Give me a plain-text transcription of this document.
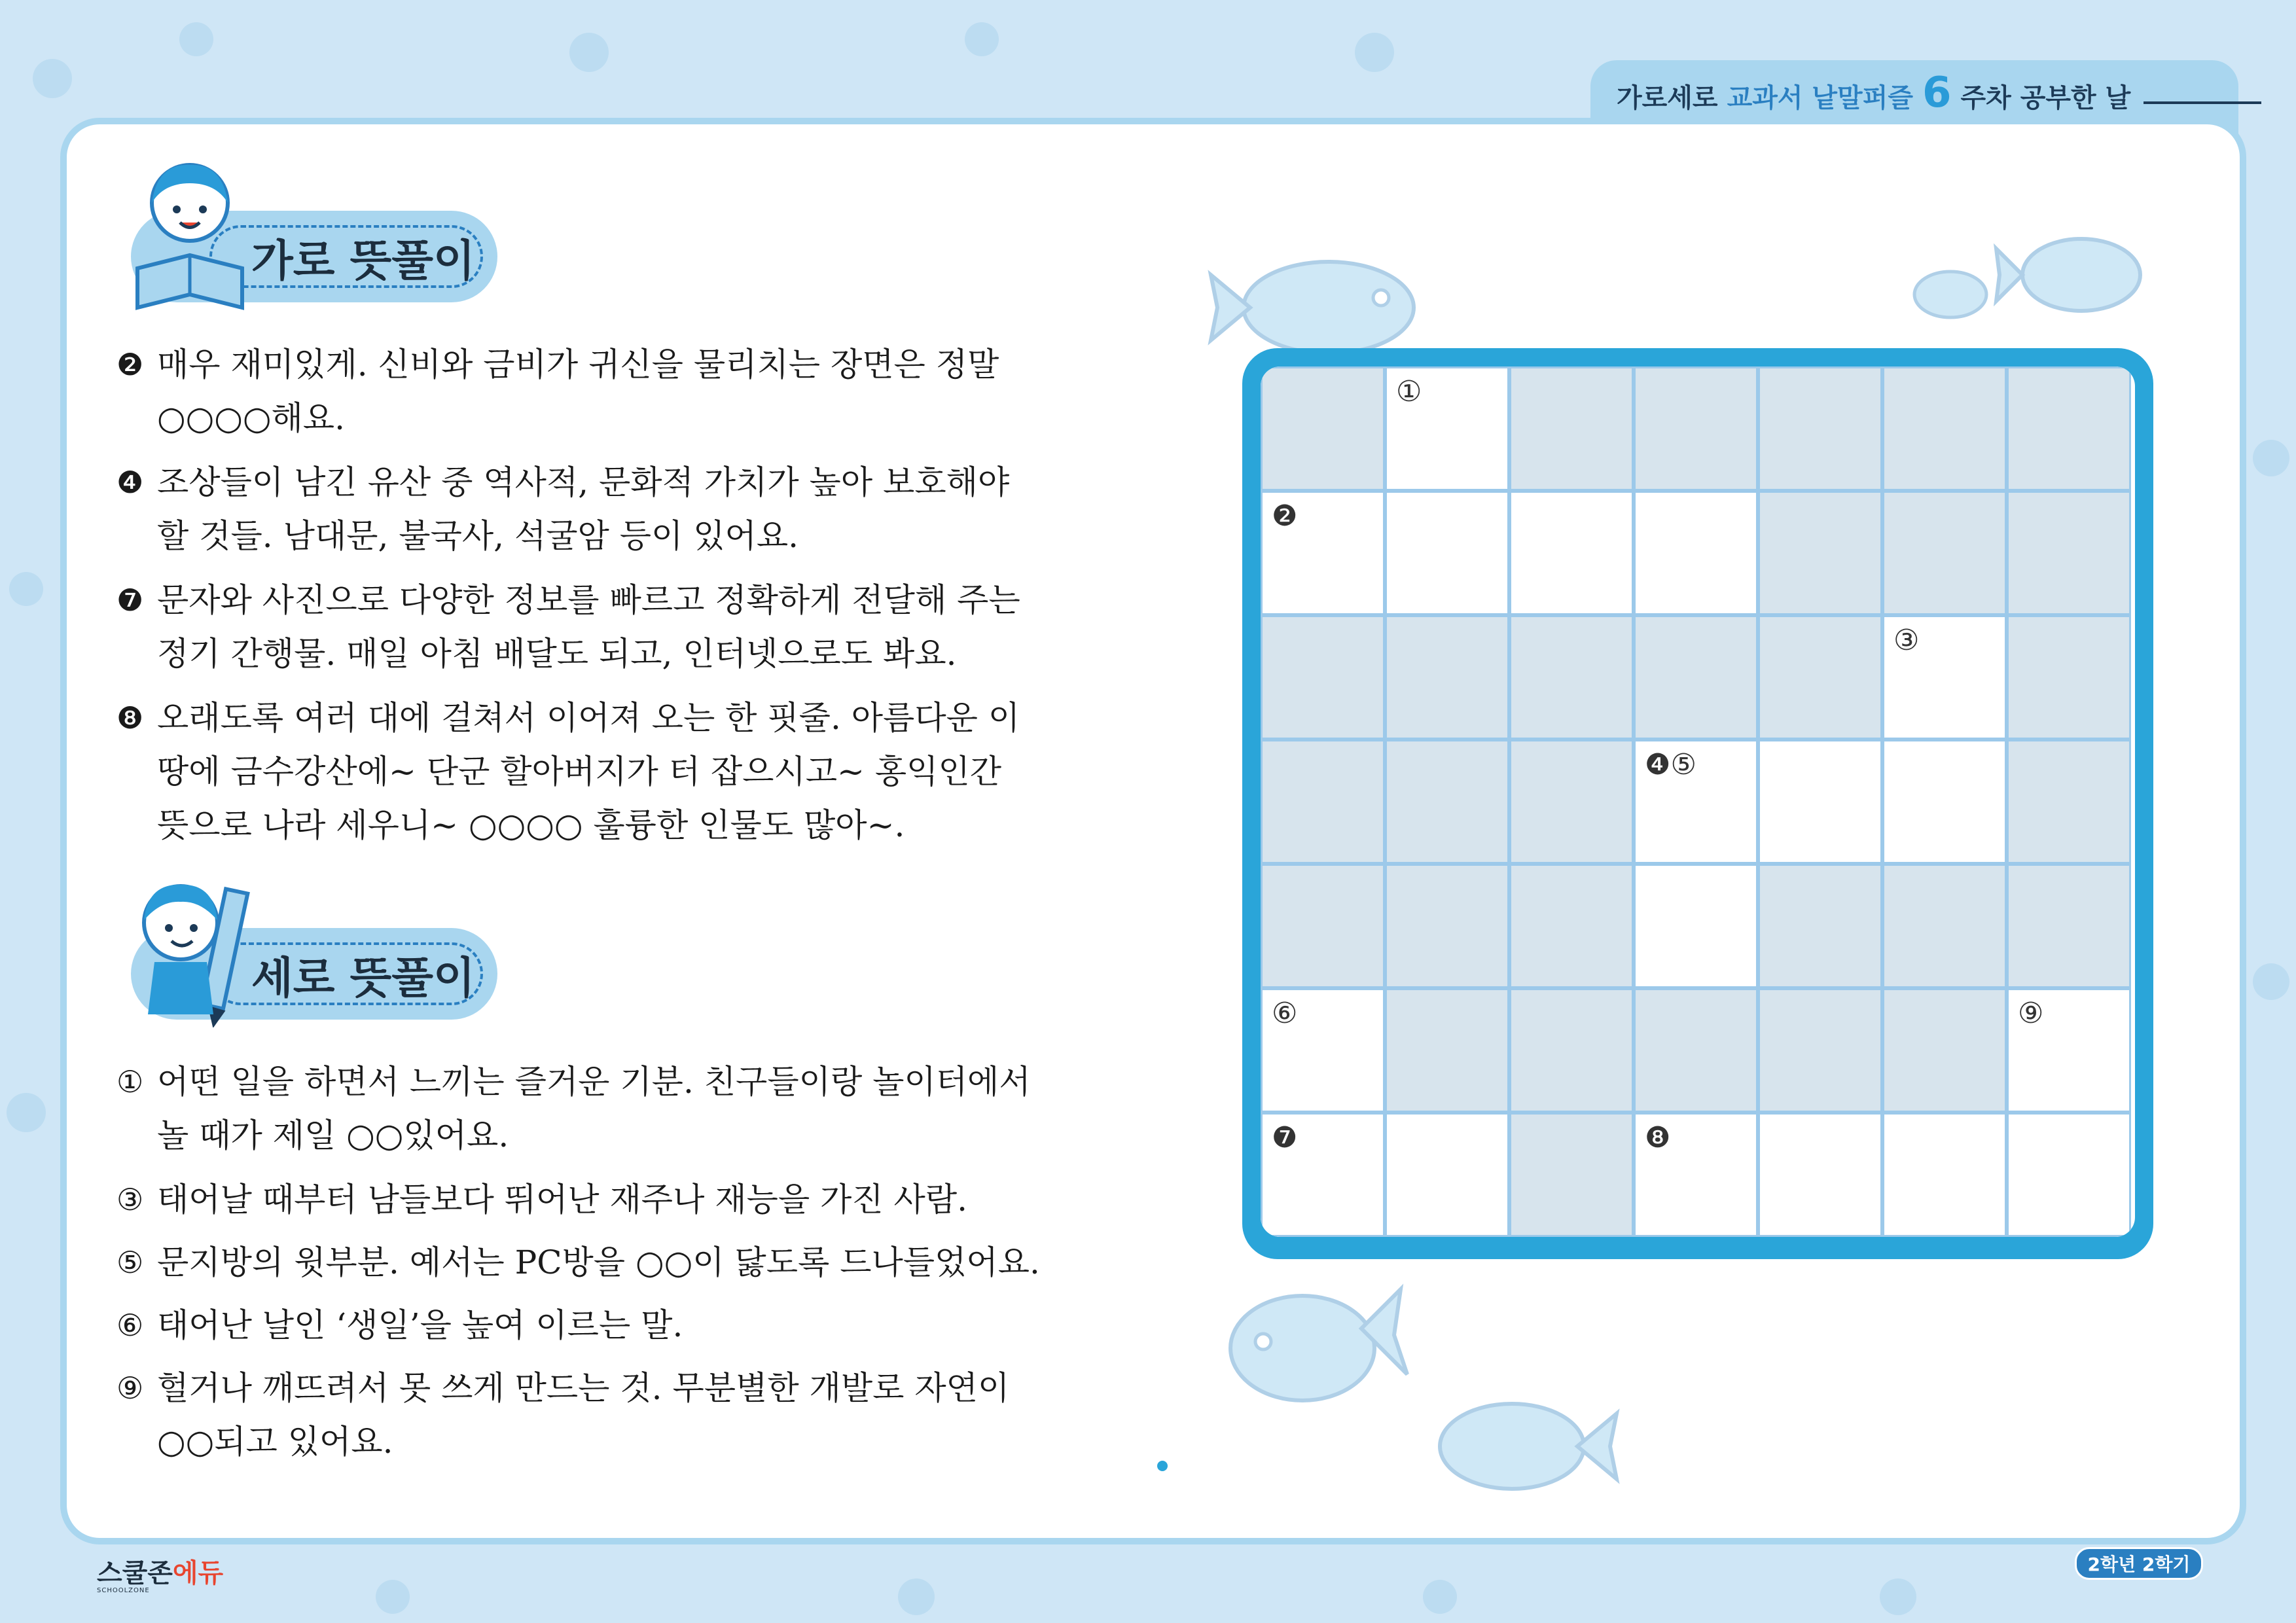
가로세로 교과서 낱말퍼즐 6 주차 공부한 날
가로 뜻풀이
❷ 매우 재미있게. 신비와 금비가 귀신을 물리치는 장면은 정말 ○○○○해요.
❹ 조상들이 남긴 유산 중 역사적, 문화적 가치가 높아 보호해야 할 것들. 남대문, 불국사, 석굴암 등이 있어요.
❼ 문자와 사진으로 다양한 정보를 빠르고 정확하게 전달해 주는 정기 간행물. 매일 아침 배달도 되고, 인터넷으로도 봐요.
❽ 오래도록 여러 대에 걸쳐서 이어져 오는 한 핏줄. 아름다운 이 땅에 금수강산에~ 단군 할아버지가 터 잡으시고~ 홍익인간 뜻으로 나라 세우니~ ○○○○ 훌륭한 인물도 많아~.
세로 뜻풀이
① 어떤 일을 하면서 느끼는 즐거운 기분. 친구들이랑 놀이터에서 놀 때가 제일 ○○있어요.
③ 태어날 때부터 남들보다 뛰어난 재주나 재능을 가진 사람.
⑤ 문지방의 윗부분. 예서는 PC방을 ○○이 닳도록 드나들었어요.
⑥ 태어난 날인 ‘생일’을 높여 이르는 말.
⑨ 헐거나 깨뜨려서 못 쓰게 만드는 것. 무분별한 개발로 자연이 ○○되고 있어요.
①
❷
③
❹⑤
⑥	⑨
❼	❽
스쿨존에듀
SCHOOLZONE
2학년 2학기
